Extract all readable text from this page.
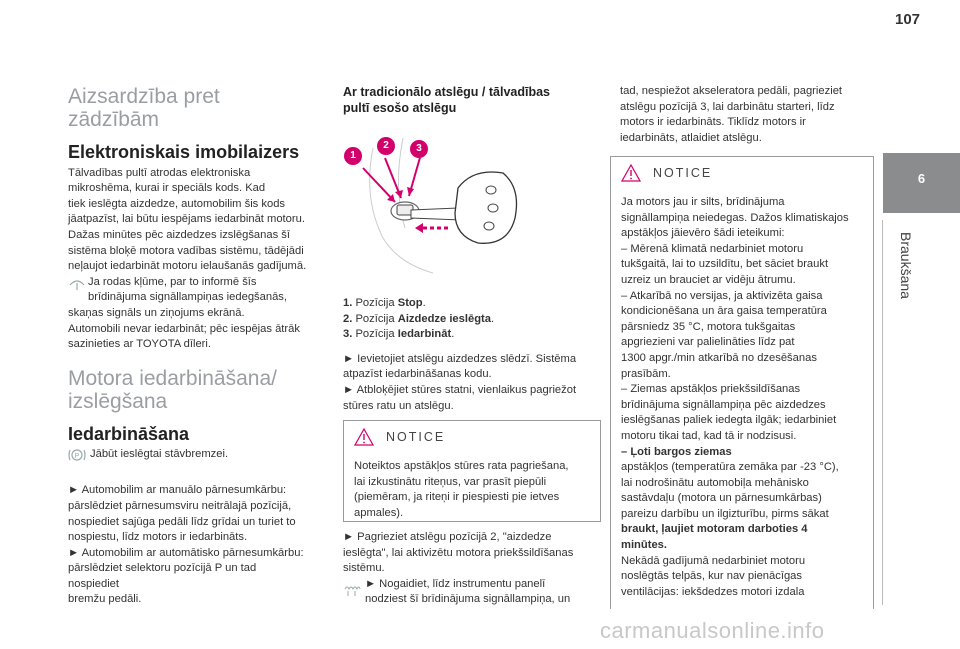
107
6
Braukšana
Aizsardzība pret
zādzībām
Elektroniskais imobilaizers
Tālvadības pultī atrodas elektroniska
mikroshēma, kurai ir speciāls kods. Kad
tiek ieslēgta aizdedze, automobilim šis kods
jāatpazīst, lai būtu iespējams iedarbināt motoru.
Dažas minūtes pēc aizdedzes izslēgšanas šī
sistēma bloķē motora vadības sistēmu, tādējādi
neļaujot iedarbināt motoru ielaušanās gadījumā.
Ja rodas kļūme, par to informē šīs
brīdinājuma signāllampiņas iedegšanās,
skaņas signāls un ziņojums ekrānā.
Automobili nevar iedarbināt; pēc iespējas ātrāk
sazinieties ar TOYOTA dīleri.
Motora iedarbināšana/
izslēgšana
Iedarbināšana
P Jābūt ieslēgtai stāvbremzei.
► Automobilim ar manuālo pārnesumkārbu:
pārslēdziet pārnesumsviru neitrālajā pozīcijā,
nospiediet sajūga pedāli līdz grīdai un turiet to
nospiestu, līdz motors ir iedarbināts.
► Automobilim ar automātisko pārnesumkārbu:
pārslēdziet selektoru pozīcijā P un tad nospiediet
bremžu pedāli.
Ar tradicionālo atslēgu / tālvadības
pultī esošo atslēgu
1
2	3
1. Pozīcija Stop.
2. Pozīcija Aizdedze ieslēgta.
3. Pozīcija Iedarbināt.
► Ievietojiet atslēgu aizdedzes slēdzī. Sistēma
atpazīst iedarbināšanas kodu.
► Atbloķējiet stūres statni, vienlaikus pagriežot
stūres ratu un atslēgu.
NOTICE
Noteiktos apstākļos stūres rata pagriešana,
lai izkustinātu riteņus, var prasīt piepūli
(piemēram, ja riteņi ir piespiesti pie ietves
apmales).
► Pagrieziet atslēgu pozīcijā 2, "aizdedze
ieslēgta", lai aktivizētu motora priekšsildīšanas
sistēmu.
► Nogaidiet, līdz instrumentu panelī
nodziest šī brīdinājuma signāllampiņa, un
tad, nespiežot akseleratora pedāli, pagrieziet
atslēgu pozīcijā 3, lai darbinātu starteri, līdz
motors ir iedarbināts. Tiklīdz motors ir
iedarbināts, atlaidiet atslēgu.
NOTICE
Ja motors jau ir silts, brīdinājuma
signāllampiņa neiedegas. Dažos klimatiskajos
apstākļos jāievēro šādi ieteikumi:
– Mērenā klimatā nedarbiniet motoru
tukšgaitā, lai to uzsildītu, bet sāciet braukt
uzreiz un brauciet ar vidēju ātrumu.
– Atkarībā no versijas, ja aktivizēta gaisa
kondicionēšana un āra gaisa temperatūra
pārsniedz 35 °C, motora tukšgaitas
apgriezieni var palielināties līdz pat
1300 apgr./min atkarībā no dzesēšanas
prasībām.
– Ziemas apstākļos priekšsildīšanas
brīdinājuma signāllampiņa pēc aizdedzes
ieslēgšanas paliek iedegta ilgāk; iedarbiniet
motoru tikai tad, kad tā ir nodzisusi.
– Ļoti bargos ziemas
apstākļos (temperatūra zemāka par -23 °C),
lai nodrošinātu automobiļa mehānisko
sastāvdaļu (motora un pārnesumkārbas)
pareizu darbību un ilgizturību, pirms sākat
braukt, ļaujiet motoram darboties 4
minūtes.
Nekādā gadījumā nedarbiniet motoru
noslēgtās telpās, kur nav pienācīgas
ventilācijas: iekšdedzes motori izdala
carmanualsonline.info
